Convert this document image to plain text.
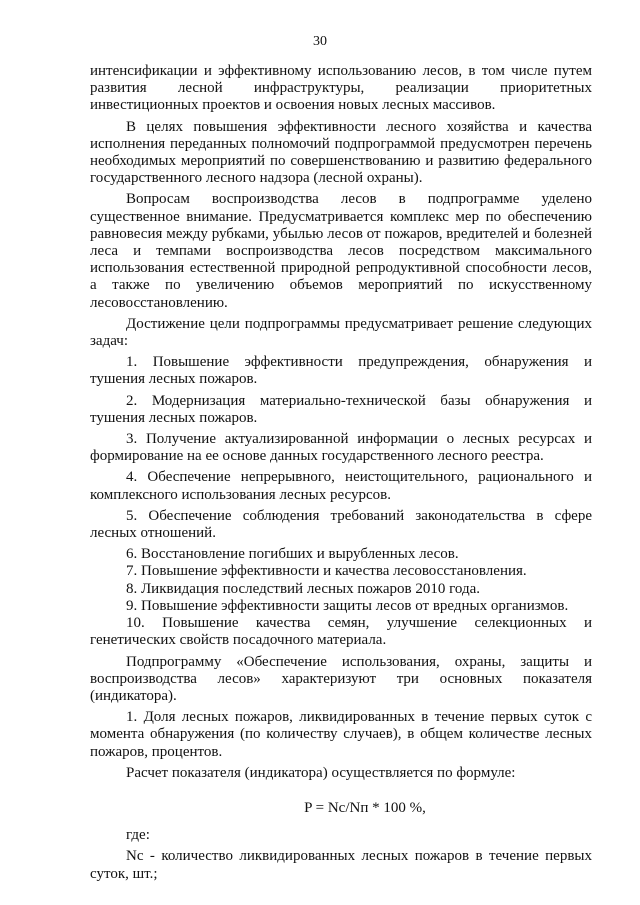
30

интенсификации и эффективному использованию лесов, в том числе путем развития лесной инфраструктуры, реализации приоритетных инвестиционных проектов и освоения новых лесных массивов.

В целях повышения эффективности лесного хозяйства и качества исполнения переданных полномочий подпрограммой предусмотрен перечень необходимых мероприятий по совершенствованию и развитию федерального государственного лесного надзора (лесной охраны).

Вопросам воспроизводства лесов в подпрограмме уделено существенное внимание. Предусматривается комплекс мер по обеспечению равновесия между рубками, убылью лесов от пожаров, вредителей и болезней леса и темпами воспроизводства лесов посредством максимального использования естественной природной репродуктивной способности лесов, а также по увеличению объемов мероприятий по искусственному лесовосстановлению.

Достижение цели подпрограммы предусматривает решение следующих задач:

1. Повышение эффективности предупреждения, обнаружения и тушения лесных пожаров.

2. Модернизация материально-технической базы обнаружения и тушения лесных пожаров.

3. Получение актуализированной информации о лесных ресурсах и формирование на ее основе данных государственного лесного реестра.

4. Обеспечение непрерывного, неистощительного, рационального и комплексного использования лесных ресурсов.

5. Обеспечение соблюдения требований законодательства в сфере лесных отношений.

6. Восстановление погибших и вырубленных лесов.

7. Повышение эффективности и качества лесовосстановления.

8. Ликвидация последствий лесных пожаров 2010 года.

9. Повышение эффективности защиты лесов от вредных организмов.

10. Повышение качества семян, улучшение селекционных и генетических свойств посадочного материала.

Подпрограмму «Обеспечение использования, охраны, защиты и воспроизводства лесов» характеризуют три основных показателя (индикатора).

1. Доля лесных пожаров, ликвидированных в течение первых суток с момента обнаружения (по количеству случаев), в общем количестве лесных пожаров, процентов.

Расчет показателя (индикатора) осуществляется по формуле:

P = Nc/Nп * 100 %,

где:

Nc - количество ликвидированных лесных пожаров в течение первых суток, шт.;
